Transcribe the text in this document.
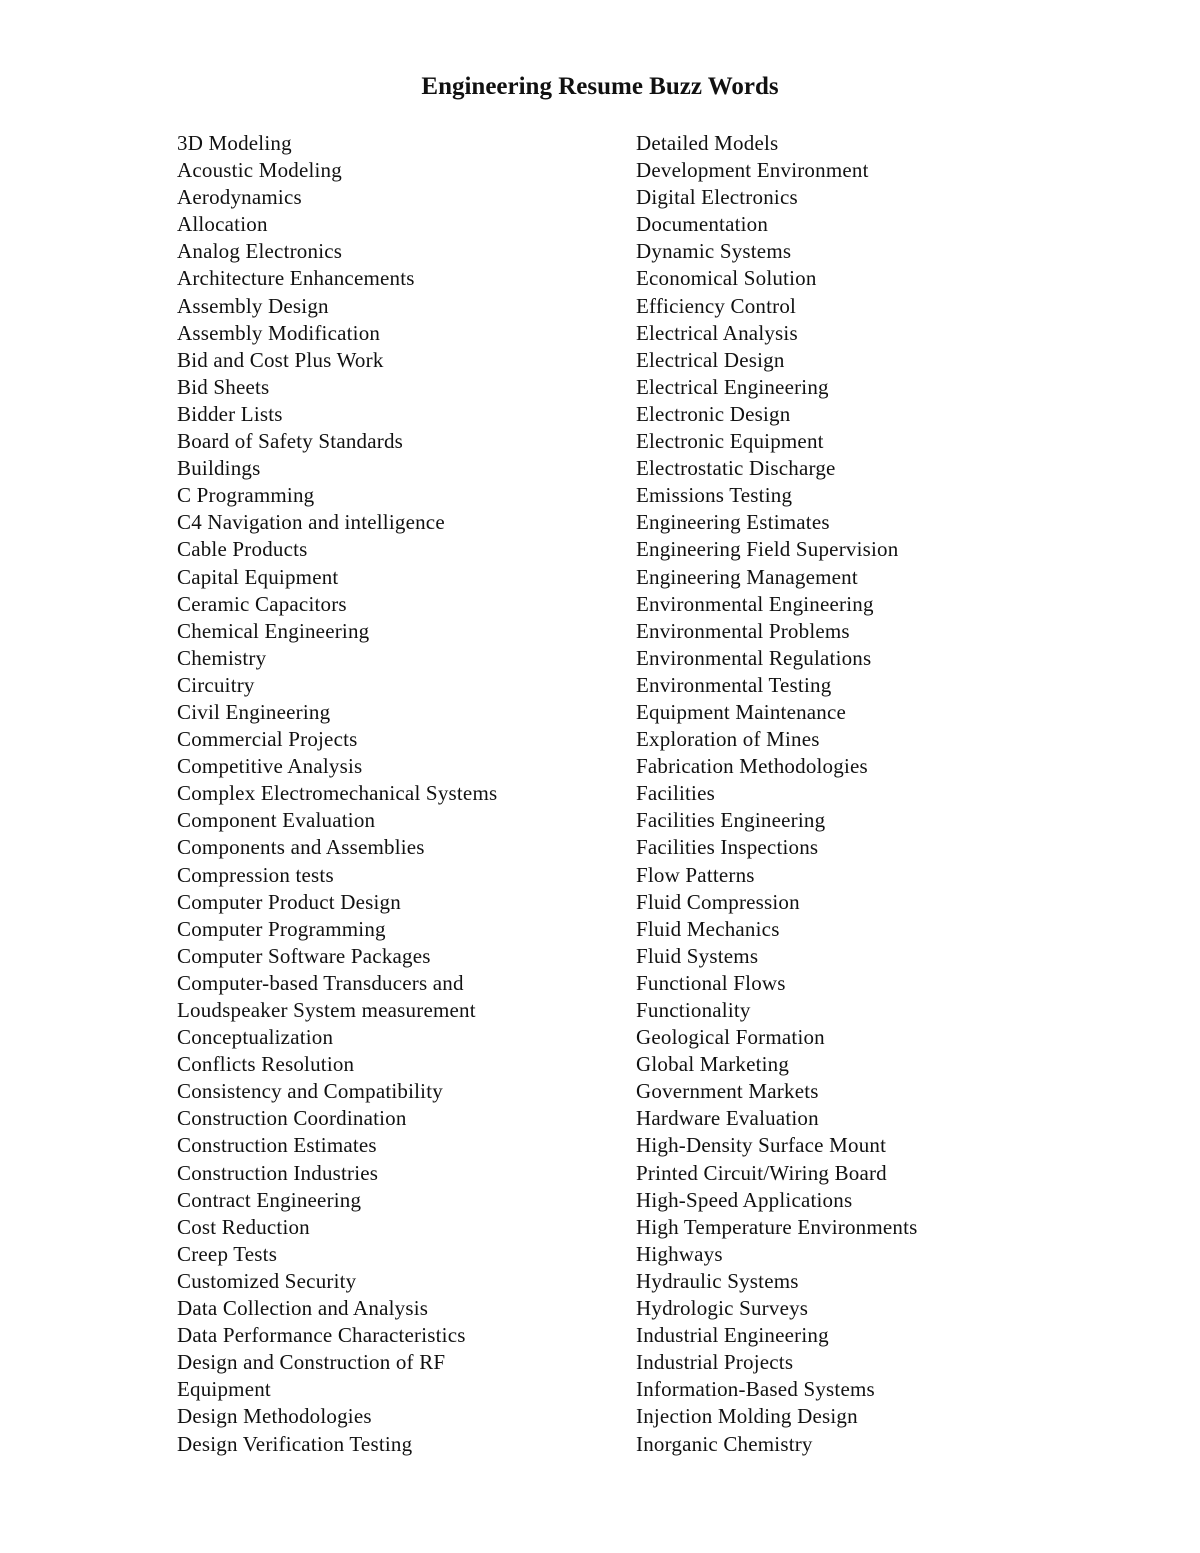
Engineering Resume Buzz Words
3D Modeling
Acoustic Modeling
Aerodynamics
Allocation
Analog Electronics
Architecture Enhancements
Assembly Design
Assembly Modification
Bid and Cost Plus Work
Bid Sheets
Bidder Lists
Board of Safety Standards
Buildings
C Programming
C4 Navigation and intelligence
Cable Products
Capital Equipment
Ceramic Capacitors
Chemical Engineering
Chemistry
Circuitry
Civil Engineering
Commercial Projects
Competitive Analysis
Complex Electromechanical Systems
Component Evaluation
Components and Assemblies
Compression tests
Computer Product Design
Computer Programming
Computer Software Packages
Computer-based Transducers and
Loudspeaker System measurement
Conceptualization
Conflicts Resolution
Consistency and Compatibility
Construction Coordination
Construction Estimates
Construction Industries
Contract Engineering
Cost Reduction
Creep Tests
Customized Security
Data Collection and Analysis
Data Performance Characteristics
Design and Construction of RF
Equipment
Design Methodologies
Design Verification Testing
Detailed Models
Development Environment
Digital Electronics
Documentation
Dynamic Systems
Economical Solution
Efficiency Control
Electrical Analysis
Electrical Design
Electrical Engineering
Electronic Design
Electronic Equipment
Electrostatic Discharge
Emissions Testing
Engineering Estimates
Engineering Field Supervision
Engineering Management
Environmental Engineering
Environmental Problems
Environmental Regulations
Environmental Testing
Equipment Maintenance
Exploration of Mines
Fabrication Methodologies
Facilities
Facilities Engineering
Facilities Inspections
Flow Patterns
Fluid Compression
Fluid Mechanics
Fluid Systems
Functional Flows
Functionality
Geological Formation
Global Marketing
Government Markets
Hardware Evaluation
High-Density Surface Mount
Printed Circuit/Wiring Board
High-Speed Applications
High Temperature Environments
Highways
Hydraulic Systems
Hydrologic Surveys
Industrial Engineering
Industrial Projects
Information-Based Systems
Injection Molding Design
Inorganic Chemistry
